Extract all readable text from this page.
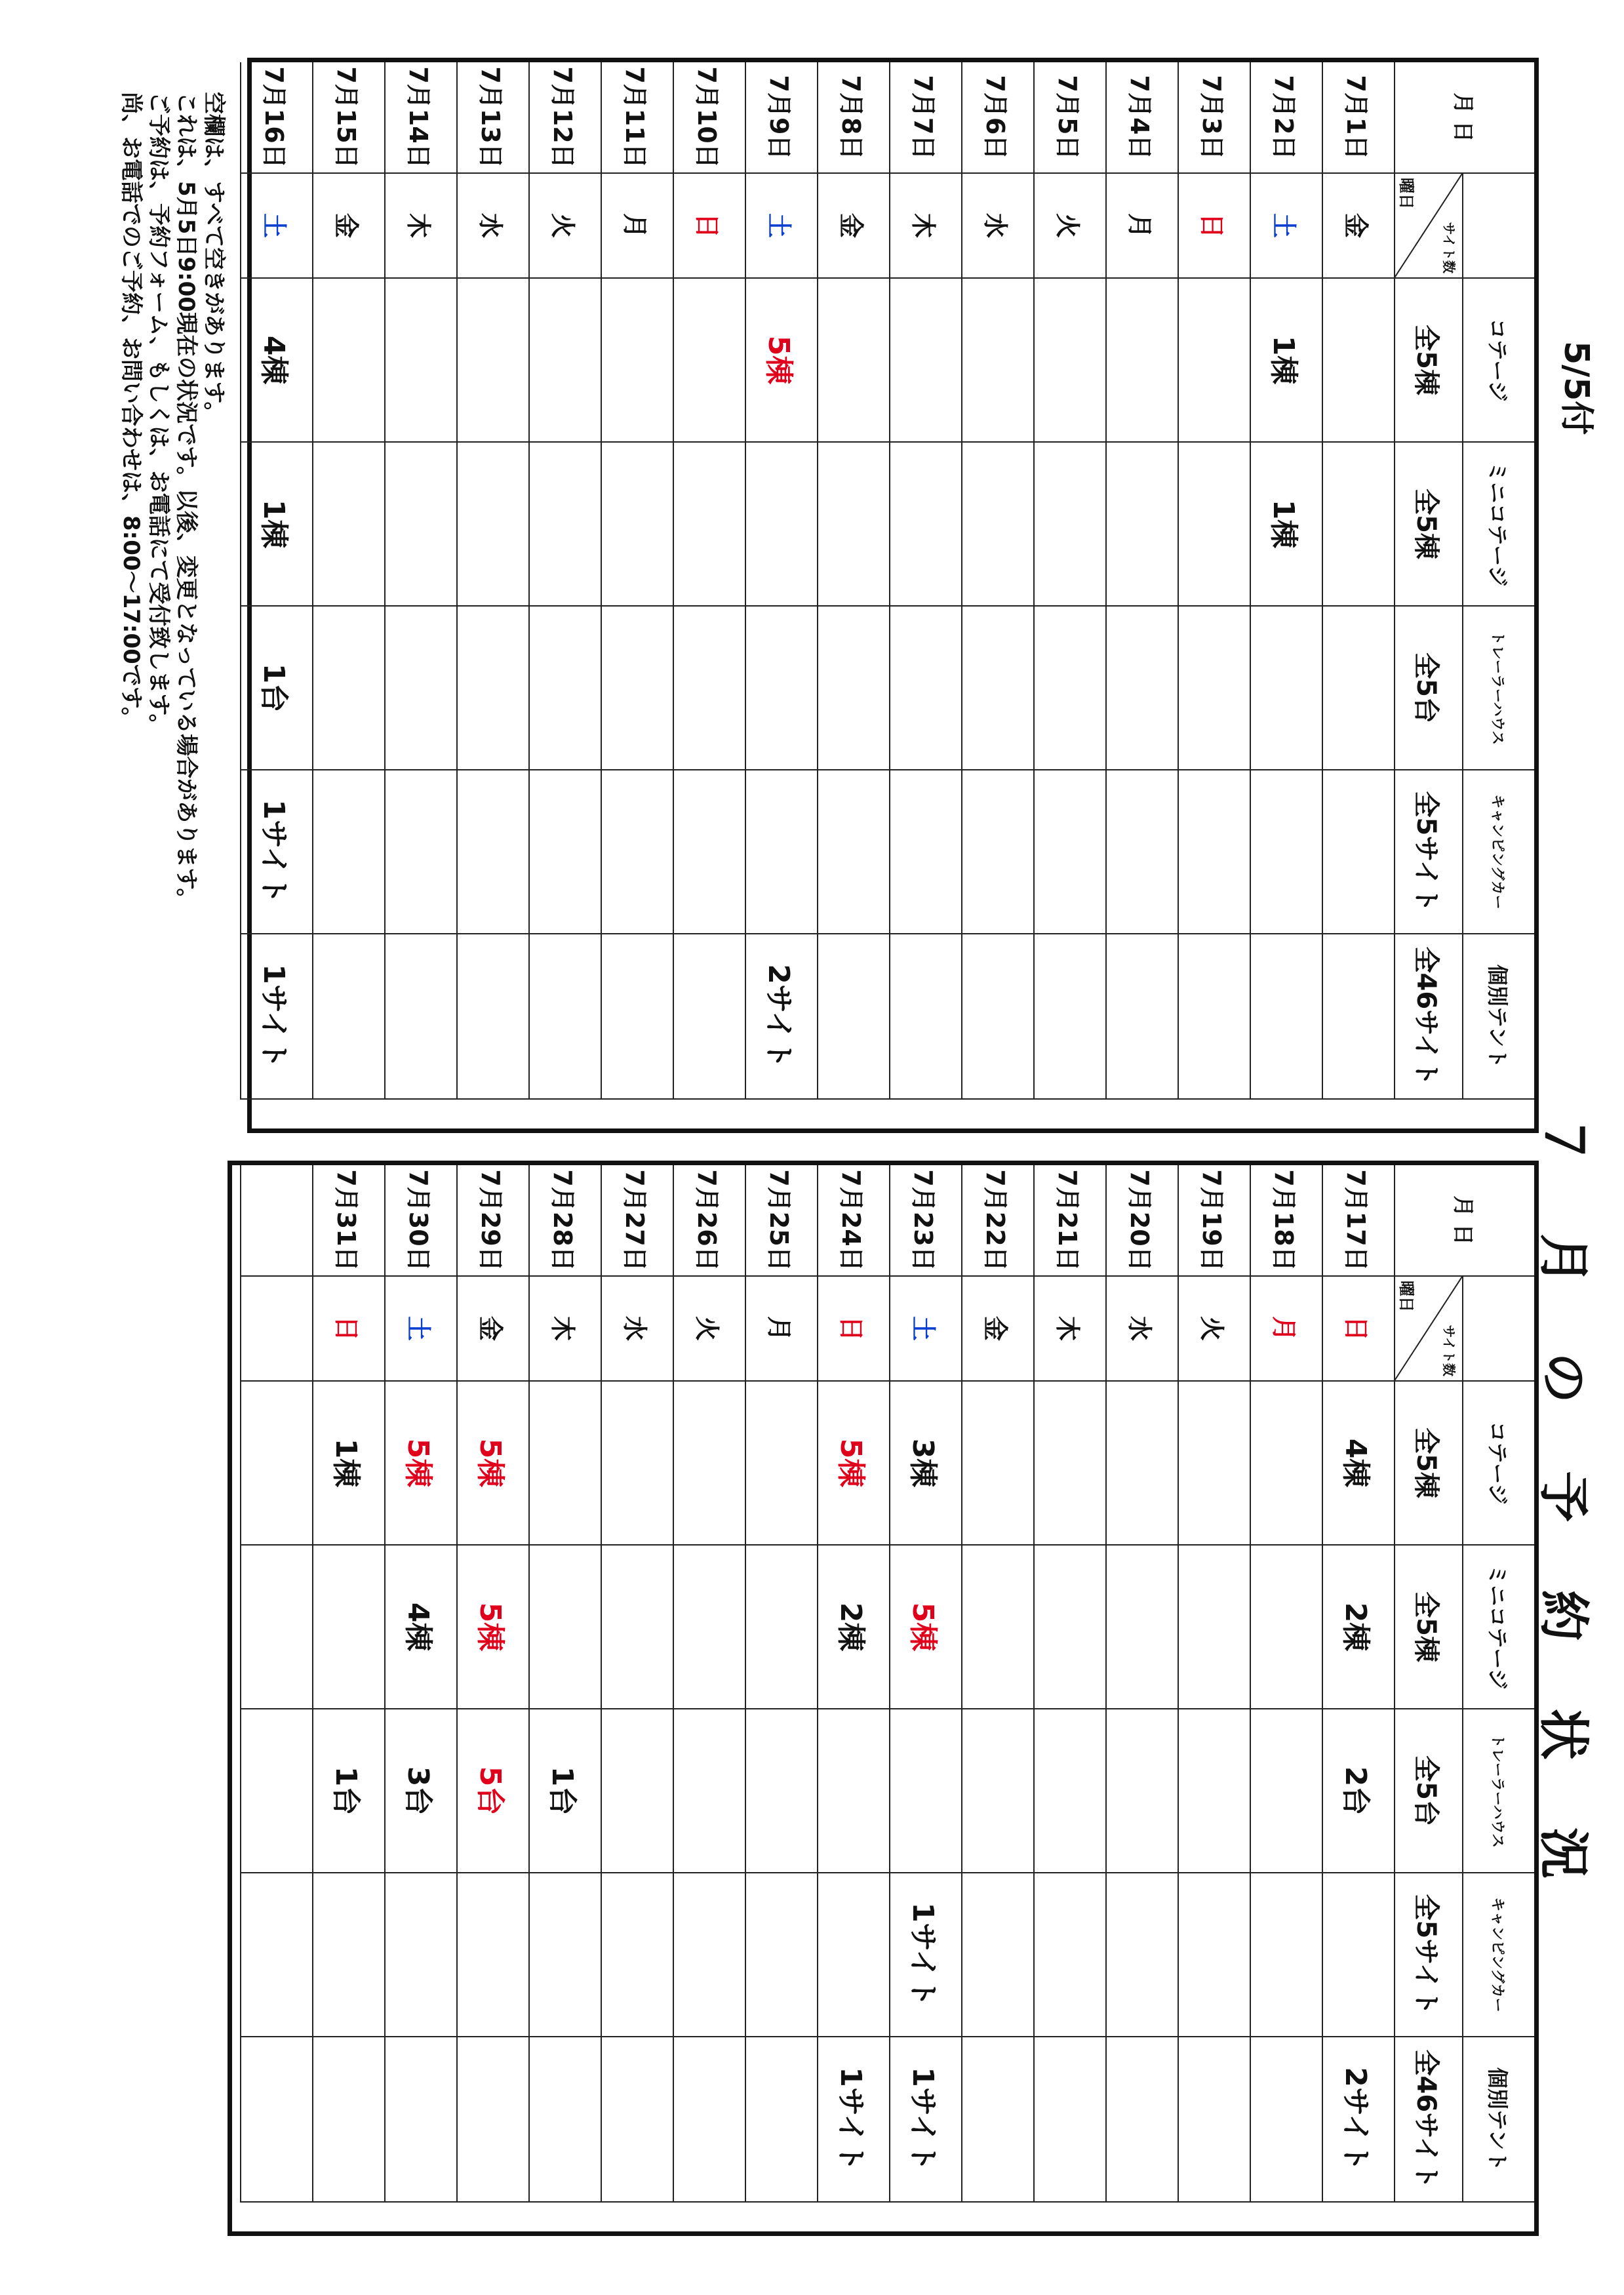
5/5付
７ 月 の 予 約 状 況
月 日
サイト数
曜日
コテージ
全5棟
ミニコテージ
全5棟
トレーラーハウス
全5台
キャンピングカー
全5サイト
個別テント
全46サイト
7月1日
金
7月2日
土
1棟
1棟
7月3日
日
7月4日
月
7月5日
火
7月6日
水
7月7日
木
7月8日
金
7月9日
土
5棟
2サイト
7月10日
日
7月11日
月
7月12日
火
7月13日
水
7月14日
木
7月15日
金
7月16日
土
4棟
1棟
1台
1サイト
1サイト
月 日
サイト数
曜日
コテージ
全5棟
ミニコテージ
全5棟
トレーラーハウス
全5台
キャンピングカー
全5サイト
個別テント
全46サイト
7月17日
日
4棟
2棟
2台
2サイト
7月18日
月
7月19日
火
7月20日
水
7月21日
木
7月22日
金
7月23日
土
3棟
5棟
1サイト
1サイト
7月24日
日
5棟
2棟
1サイト
7月25日
月
7月26日
火
7月27日
水
7月28日
木
1台
7月29日
金
5棟
5棟
5台
7月30日
土
5棟
4棟
3台
7月31日
日
1棟
1台
空欄は、すべて空きがあります。
これは、5月5日9:00現在の状況です。以後、変更となっている場合があります。
ご予約は、予約フォーム、もしくは、お電話にて受付致します。
尚、お電話でのご予約、お問い合わせは、8:00～17:00です。
